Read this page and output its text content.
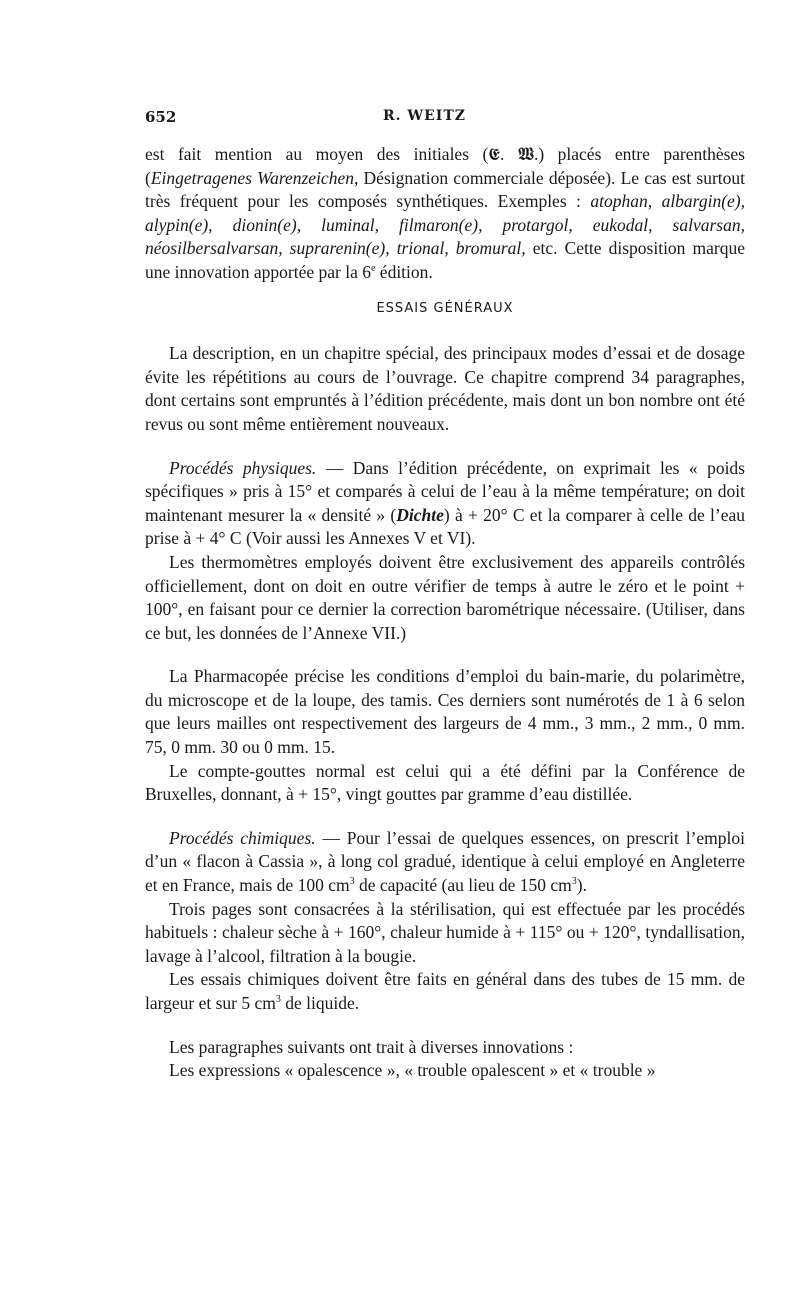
652	R. WEITZ

est fait mention au moyen des initiales (𝕰. 𝖂.) placés entre parenthèses (Eingetragenes Warenzeichen, Désignation commerciale déposée). Le cas est surtout très fréquent pour les composés synthétiques. Exemples : atophan, albargin(e), alypin(e), dionin(e), luminal, filmaron(e), protargol, eukodal, salvarsan, néosilbersalvarsan, suprarenin(e), trional, bromural, etc. Cette disposition marque une innovation apportée par la 6e édition.

ESSAIS GÉNÉRAUX

La description, en un chapitre spécial, des principaux modes d’essai et de dosage évite les répétitions au cours de l’ouvrage. Ce chapitre comprend 34 paragraphes, dont certains sont empruntés à l’édition précédente, mais dont un bon nombre ont été revus ou sont même entièrement nouveaux.

Procédés physiques. — Dans l’édition précédente, on exprimait les « poids spécifiques » pris à 15° et comparés à celui de l’eau à la même température; on doit maintenant mesurer la « densité » (Dichte) à + 20° C et la comparer à celle de l’eau prise à + 4° C (Voir aussi les Annexes V et VI).

Les thermomètres employés doivent être exclusivement des appareils contrôlés officiellement, dont on doit en outre vérifier de temps à autre le zéro et le point + 100°, en faisant pour ce dernier la correction barométrique nécessaire. (Utiliser, dans ce but, les données de l’Annexe VII.)

La Pharmacopée précise les conditions d’emploi du bain-marie, du polarimètre, du microscope et de la loupe, des tamis. Ces derniers sont numérotés de 1 à 6 selon que leurs mailles ont respectivement des largeurs de 4 mm., 3 mm., 2 mm., 0 mm. 75, 0 mm. 30 ou 0 mm. 15.

Le compte-gouttes normal est celui qui a été défini par la Conférence de Bruxelles, donnant, à + 15°, vingt gouttes par gramme d’eau distillée.

Procédés chimiques. — Pour l’essai de quelques essences, on prescrit l’emploi d’un « flacon à Cassia », à long col gradué, identique à celui employé en Angleterre et en France, mais de 100 $cm^3$ de capacité (au lieu de 150 $cm^3$).

Trois pages sont consacrées à la stérilisation, qui est effectuée par les procédés habituels : chaleur sèche à + 160°, chaleur humide à + 115° ou + 120°, tyndallisation, lavage à l’alcool, filtration à la bougie.

Les essais chimiques doivent être faits en général dans des tubes de 15 mm. de largeur et sur 5 $cm^3$ de liquide.

Les paragraphes suivants ont trait à diverses innovations :

Les expressions « opalescence », « trouble opalescent » et « trouble »
